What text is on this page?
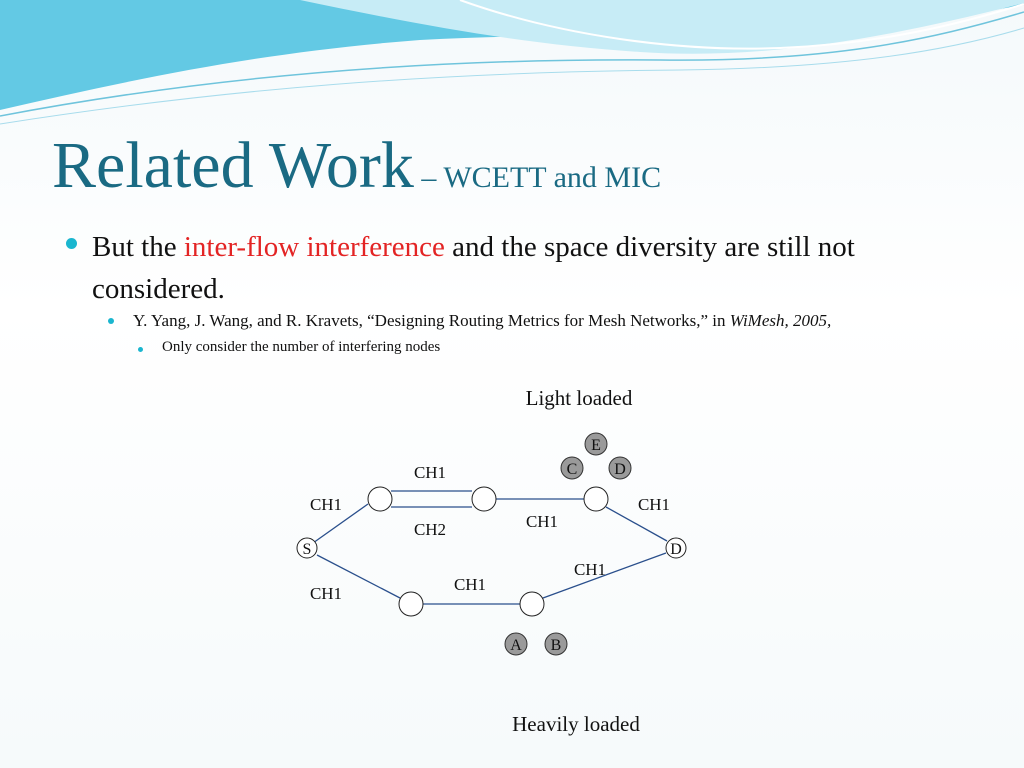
Related Work – WCETT and MIC

But the inter-flow interference and the space diversity are still not considered.

Y. Yang, J. Wang, and R. Kravets, “Designing Routing Metrics for Mesh Networks,” in WiMesh, 2005,

Only consider the number of interfering nodes

S	D
E
C D
A B
CH1
CH1
CH2	CH1
CH1
CH1	CH1
CH1
Light loaded
Heavily loaded
